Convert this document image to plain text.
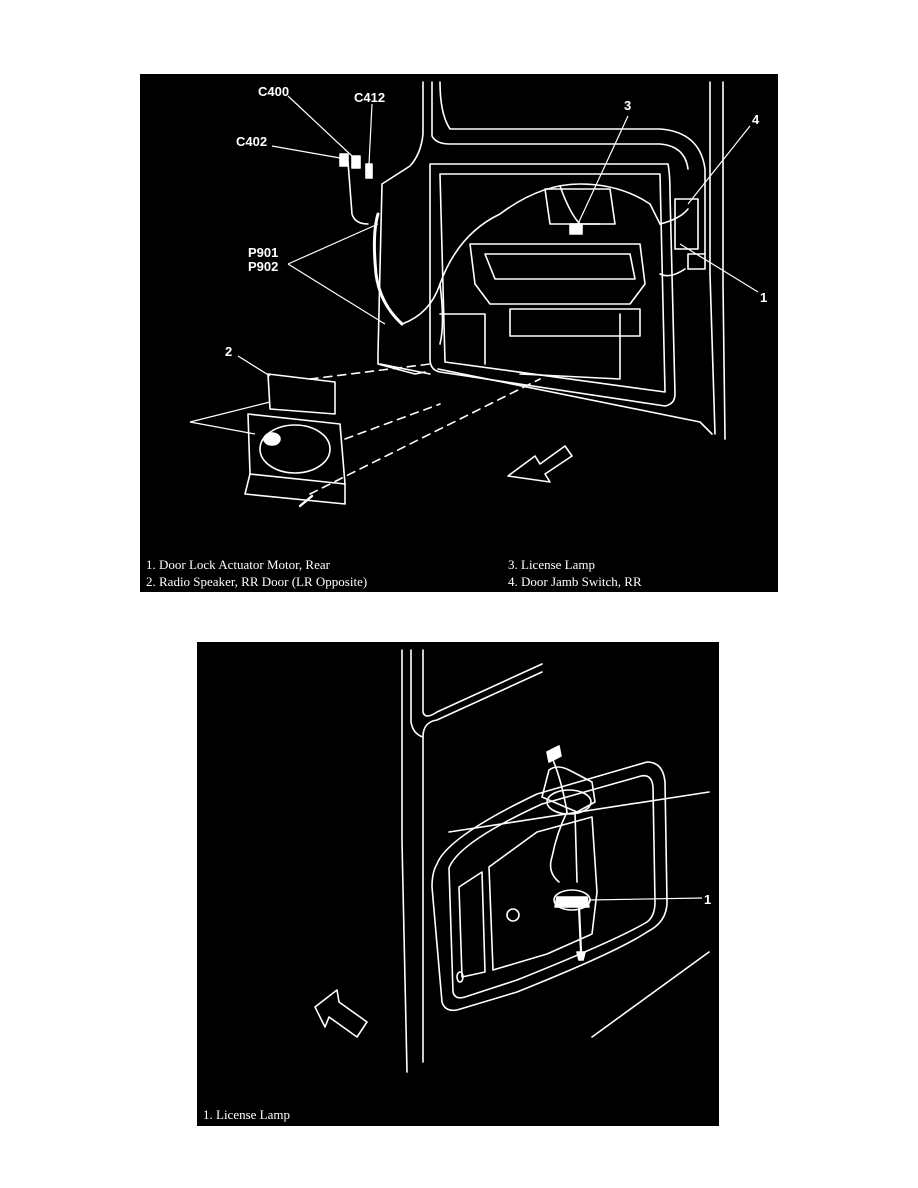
C400	C412
C402
P901
P902
2
3
4
1
1. Door Lock Actuator Motor, Rear
2. Radio Speaker, RR Door (LR Opposite)
3. License Lamp
4. Door Jamb Switch, RR
1
1. License Lamp
